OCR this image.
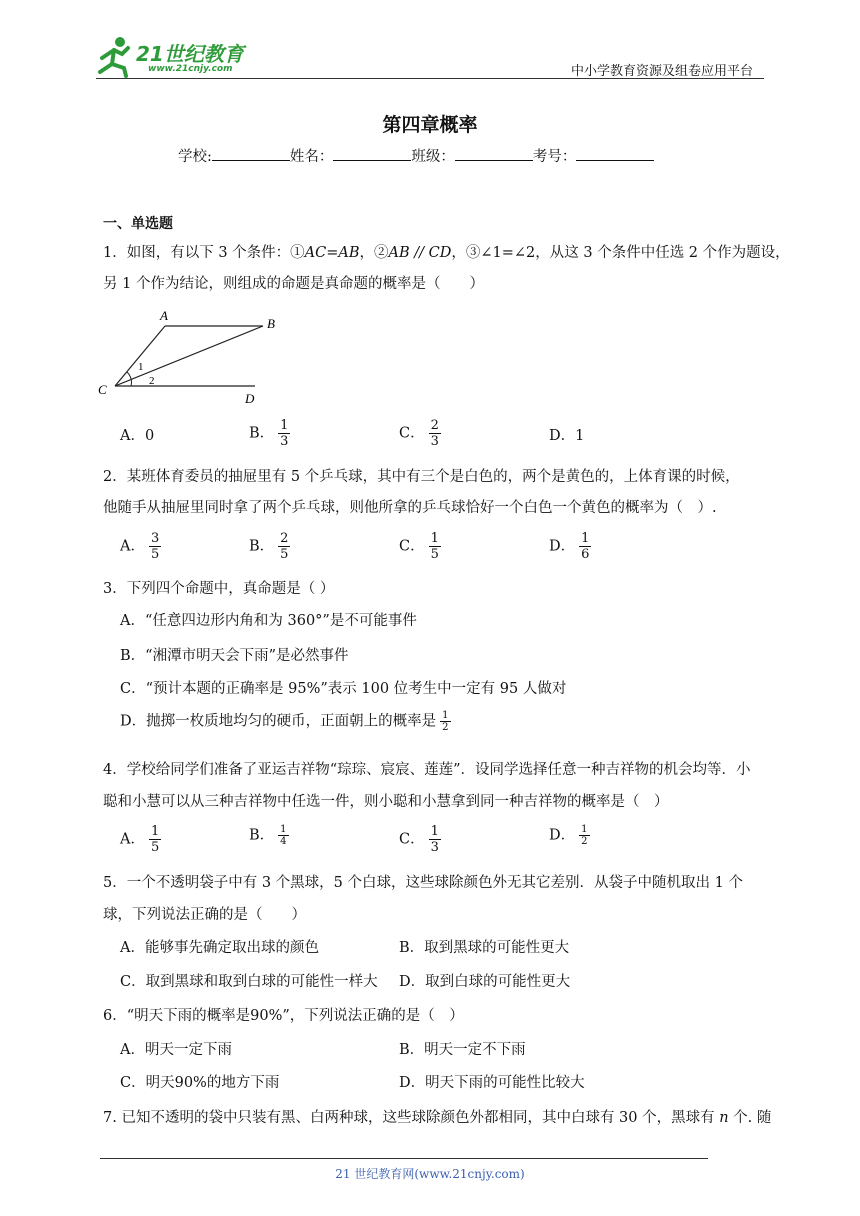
21世纪教育
www.21cnjy.com	中小学教育资源及组卷应用平台
第四章概率
学校:	姓名：	班级：	考号：
一、单选题
1．如图，有以下 3 个条件：①AC=AB，②AB // CD，③∠1=∠2，从这 3 个条件中任选 2 个作为题设，
另 1 个作为结论，则组成的命题是真命题的概率是（　　）
A
B
C
D
1
2
A．0	B． $\frac{1}{3}$	C． $\frac{2}{3}$	D．1
2．某班体育委员的抽屉里有 5 个乒乓球，其中有三个是白色的，两个是黄色的，上体育课的时候，
他随手从抽屉里同时拿了两个乒乓球，则他所拿的乒乓球恰好一个白色一个黄色的概率为（　）.
A． $\frac{3}{5}$	B． $\frac{2}{5}$	C． $\frac{1}{5}$	D． $\frac{1}{6}$
3．下列四个命题中，真命题是（ ）
A．“任意四边形内角和为 360°”是不可能事件
B．“湘潭市明天会下雨”是必然事件
C．“预计本题的正确率是 95%”表示 100 位考生中一定有 95 人做对
D．抛掷一枚质地均匀的硬币，正面朝上的概率是 $\frac{1}{2}$
4．学校给同学们准备了亚运吉祥物“琮琮、宸宸、莲莲”．设同学选择任意一种吉祥物的机会均等．小
聪和小慧可以从三种吉祥物中任选一件，则小聪和小慧拿到同一种吉祥物的概率是（　）
A． $\frac{1}{5}$	B． $\frac{1}{4}$	C． $\frac{1}{3}$	D． $\frac{1}{2}$
5．一个不透明袋子中有 3 个黑球，5 个白球，这些球除颜色外无其它差别．从袋子中随机取出 1 个
球，下列说法正确的是（　　）
A．能够事先确定取出球的颜色	B．取到黑球的可能性更大
C．取到黑球和取到白球的可能性一样大 D．取到白球的可能性更大
6．“明天下雨的概率是90%”，下列说法正确的是（　）
A．明天一定下雨	B．明天一定不下雨
C．明天90%的地方下雨	D．明天下雨的可能性比较大
7. 已知不透明的袋中只装有黑、白两种球，这些球除颜色外都相同，其中白球有 30 个，黑球有 n 个. 随
21 世纪教育网(www.21cnjy.com)
